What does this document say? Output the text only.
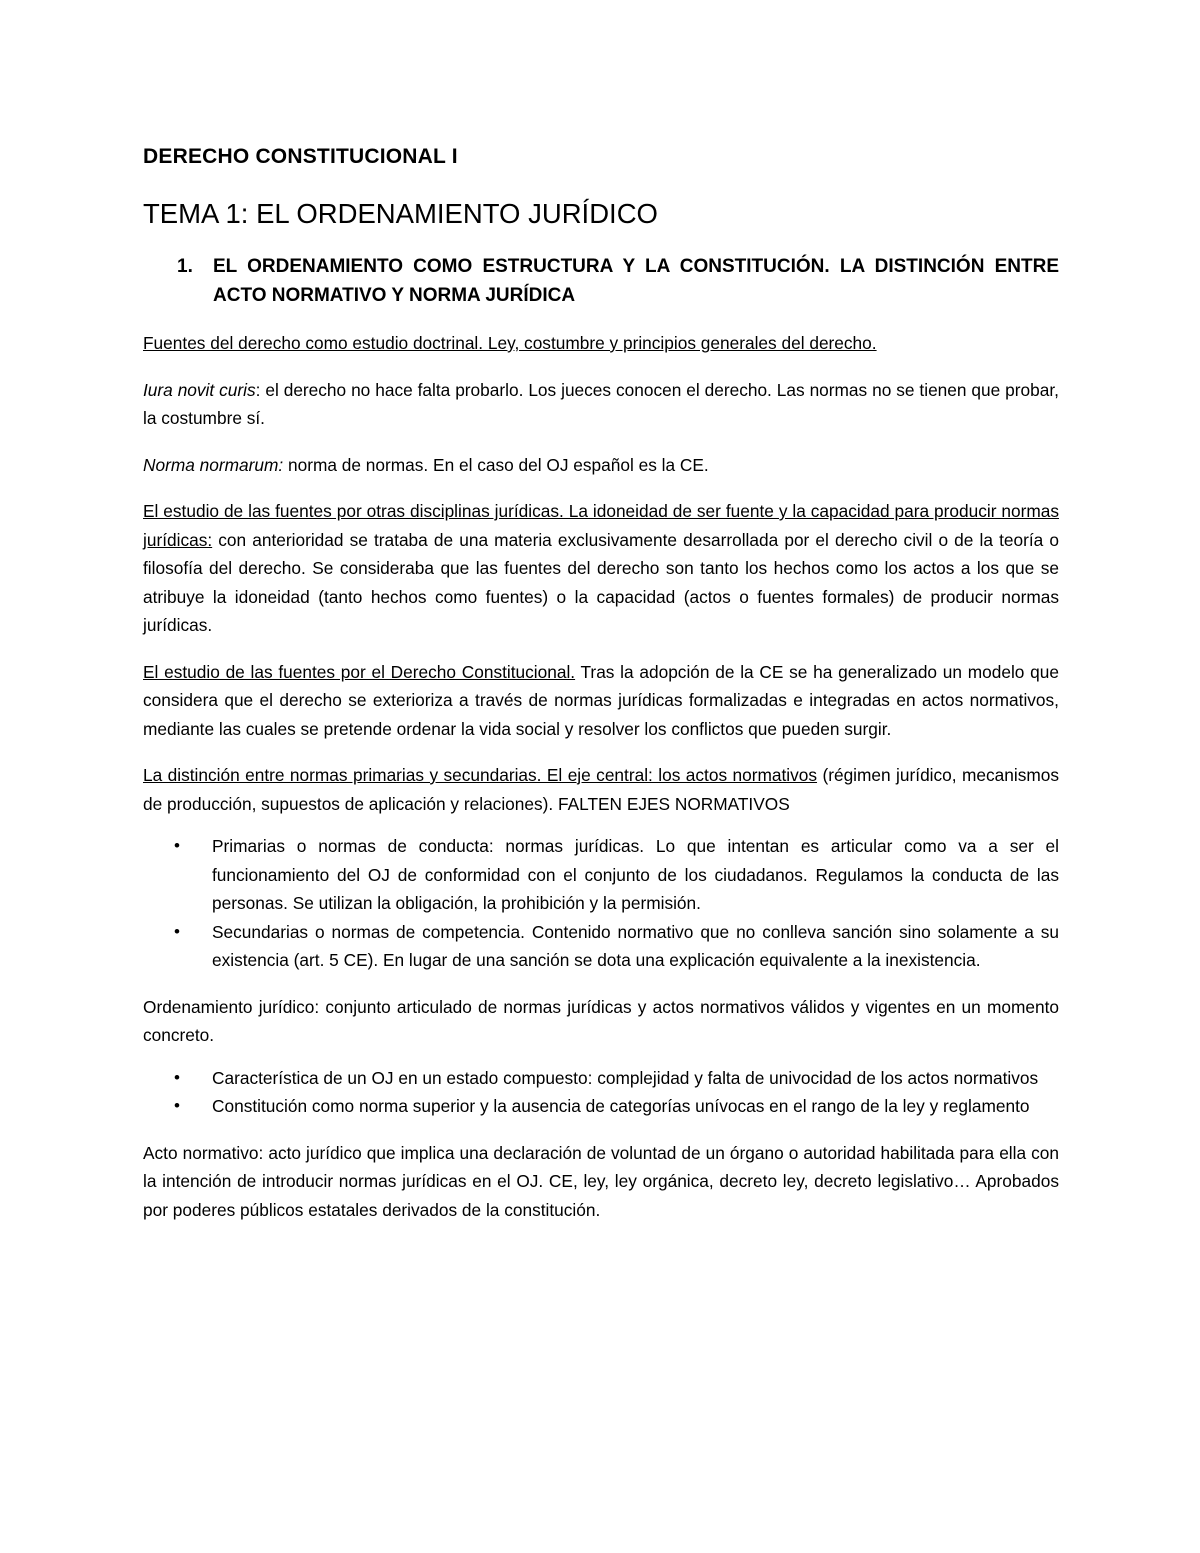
DERECHO CONSTITUCIONAL I
TEMA 1: EL ORDENAMIENTO JURÍDICO
1. EL ORDENAMIENTO COMO ESTRUCTURA Y LA CONSTITUCIÓN. LA DISTINCIÓN ENTRE ACTO NORMATIVO Y NORMA JURÍDICA

Fuentes del derecho como estudio doctrinal. Ley, costumbre y principios generales del derecho.

Iura novit curis: el derecho no hace falta probarlo. Los jueces conocen el derecho. Las normas no se tienen que probar, la costumbre sí.

Norma normarum: norma de normas. En el caso del OJ español es la CE.

El estudio de las fuentes por otras disciplinas jurídicas. La idoneidad de ser fuente y la capacidad para producir normas jurídicas: con anterioridad se trataba de una materia exclusivamente desarrollada por el derecho civil o de la teoría o filosofía del derecho. Se consideraba que las fuentes del derecho son tanto los hechos como los actos a los que se atribuye la idoneidad (tanto hechos como fuentes) o la capacidad (actos o fuentes formales) de producir normas jurídicas.

El estudio de las fuentes por el Derecho Constitucional. Tras la adopción de la CE se ha generalizado un modelo que considera que el derecho se exterioriza a través de normas jurídicas formalizadas e integradas en actos normativos, mediante las cuales se pretende ordenar la vida social y resolver los conflictos que pueden surgir.

La distinción entre normas primarias y secundarias. El eje central: los actos normativos (régimen jurídico, mecanismos de producción, supuestos de aplicación y relaciones). FALTEN EJES NORMATIVOS

• Primarias o normas de conducta: normas jurídicas. Lo que intentan es articular como va a ser el funcionamiento del OJ de conformidad con el conjunto de los ciudadanos. Regulamos la conducta de las personas. Se utilizan la obligación, la prohibición y la permisión.
• Secundarias o normas de competencia. Contenido normativo que no conlleva sanción sino solamente a su existencia (art. 5 CE). En lugar de una sanción se dota una explicación equivalente a la inexistencia.

Ordenamiento jurídico: conjunto articulado de normas jurídicas y actos normativos válidos y vigentes en un momento concreto.

• Característica de un OJ en un estado compuesto: complejidad y falta de univocidad de los actos normativos
• Constitución como norma superior y la ausencia de categorías unívocas en el rango de la ley y reglamento

Acto normativo: acto jurídico que implica una declaración de voluntad de un órgano o autoridad habilitada para ella con la intención de introducir normas jurídicas en el OJ. CE, ley, ley orgánica, decreto ley, decreto legislativo… Aprobados por poderes públicos estatales derivados de la constitución.
